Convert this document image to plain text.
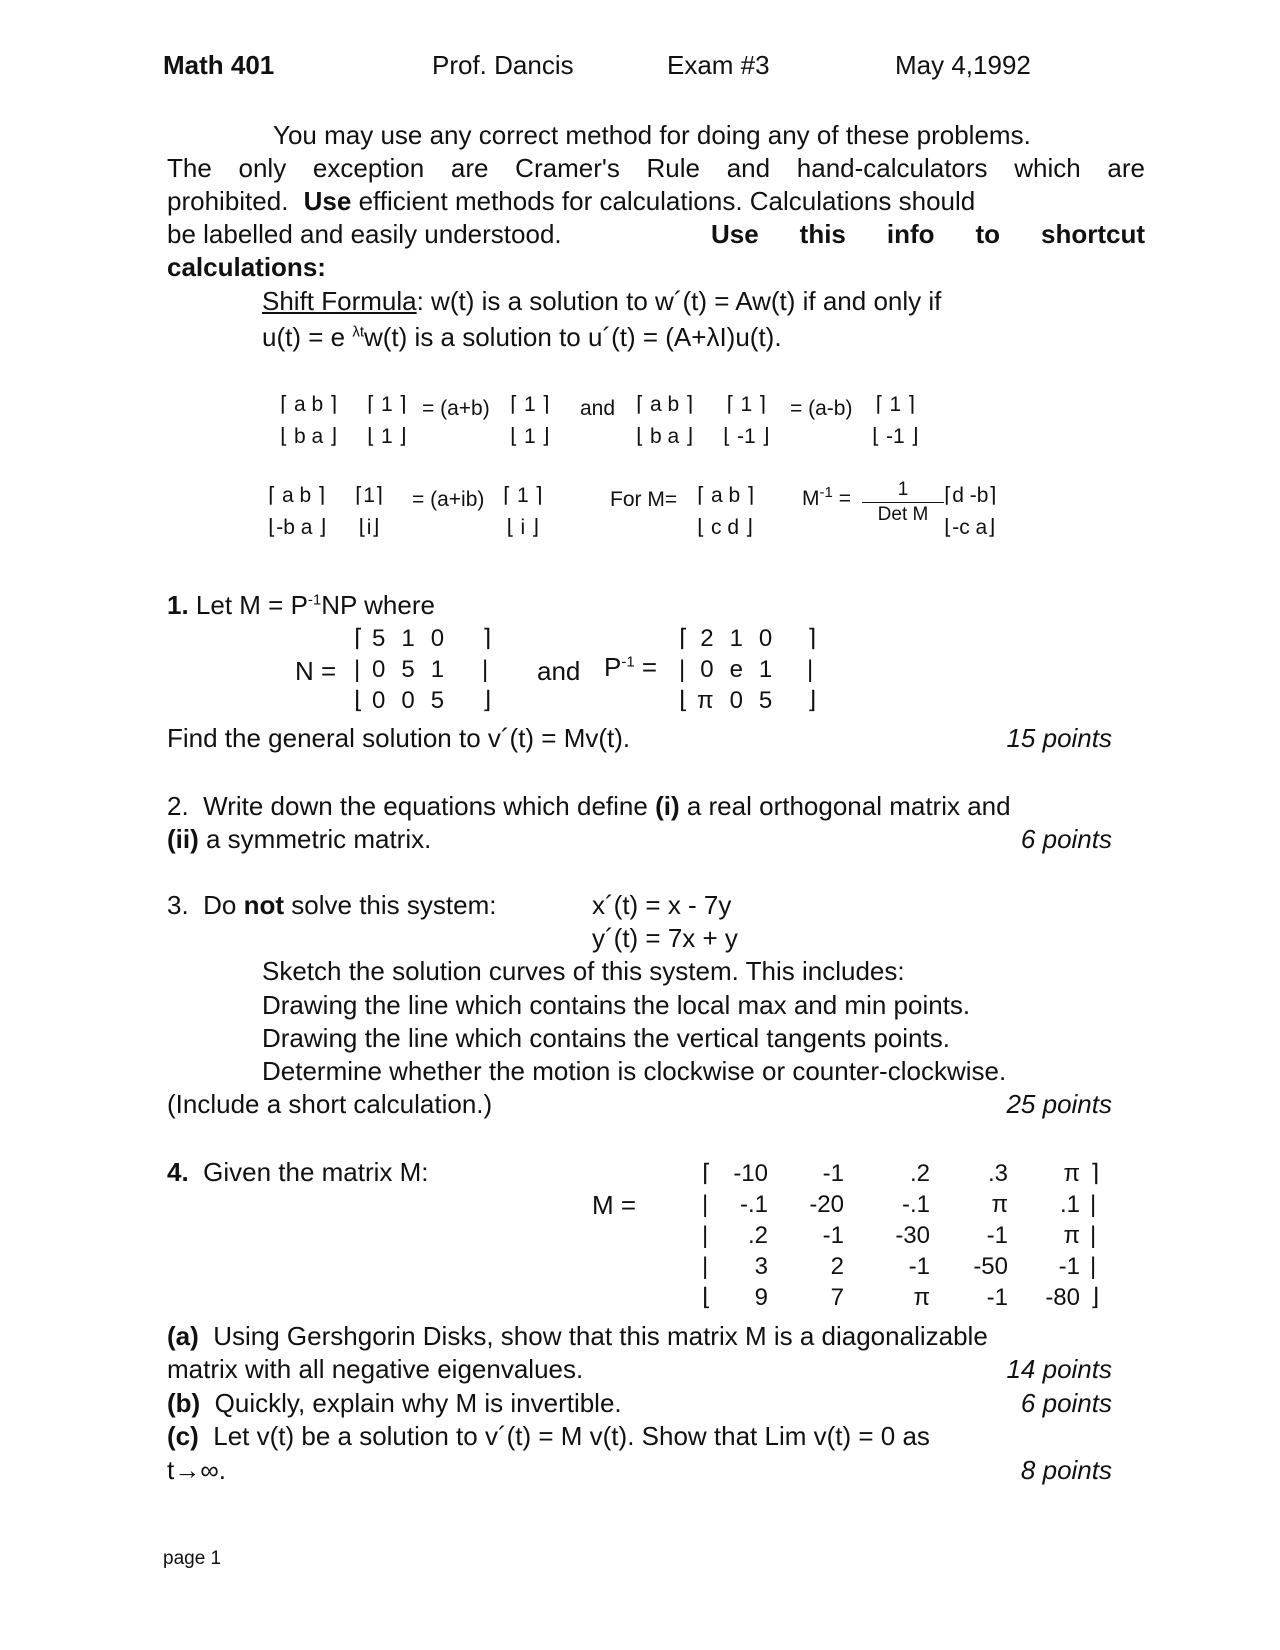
Math 401	Prof. Dancis	Exam #3	May 4,1992
You may use any correct method for doing any of these problems.
The only exception are Cramer's Rule and hand-calculators which are
prohibited. Use efficient methods for calculations. Calculations should
be labelled and easily understood.	Use this info to shortcut
calculations:
Shift Formula: w(t) is a solution to w´(t) = Aw(t) if and only if
u(t) = e $^{\lambda t}$w(t) is a solution to u´(t) = (A+λI)u(t).
⌈ a b ⌉
⌊ b a ⌋
⌈ 1 ⌉
⌊ 1 ⌋
= (a+b) ⌈ 1 ⌉
⌊ 1 ⌋
and ⌈ a b ⌉
⌊ b a ⌋
⌈ 1 ⌉
⌊ -1 ⌋
= (a-b) ⌈ 1 ⌉
⌊ -1 ⌋
⌈ a b ⌉
⌊-b a ⌋
⌈1⌉
⌊i⌋
= (a+ib) ⌈ 1 ⌉
⌊ i ⌋
For M= ⌈ a b ⌉
⌊ c d ⌋
$M^{-1}$ =	1
Det M
⌈d -b⌉
⌊-c a⌋
1. Let $M = P^{-1}NP$ where
N =
⌈
|
⌊
⌉
|
⌋
5	1	0
0	5	1
0	0	5
and $P^{-1}$ =
⌈
|
⌊
⌉
|
⌋
2	1	0
0	e	1
π	0	5
Find the general solution to v´(t) = Mv(t).	15 points
2. Write down the equations which define (i) a real orthogonal matrix and
(ii) a symmetric matrix.	6 points
3. Do not solve this system:	x´(t) = x - 7y
y´(t) = 7x + y
Sketch the solution curves of this system. This includes:
Drawing the line which contains the local max and min points.
Drawing the line which contains the vertical tangents points.
Determine whether the motion is clockwise or counter-clockwise.
(Include a short calculation.)	25 points
4. Given the matrix M:
M =
⌈
|
|
|
⌊
⌉
|
|
|
⌋
-10	-1	.2	.3	π
-.1	-20	-.1	π	.1
.2	-1	-30	-1	π
3	2	-1	-50	-1
9	7	π	-1	-80
(a) Using Gershgorin Disks, show that this matrix M is a diagonalizable
matrix with all negative eigenvalues.	14 points
(b) Quickly, explain why M is invertible.	6 points
(c) Let v(t) be a solution to v´(t) = M v(t). Show that Lim v(t) = 0 as
t→∞.	8 points
page 1
